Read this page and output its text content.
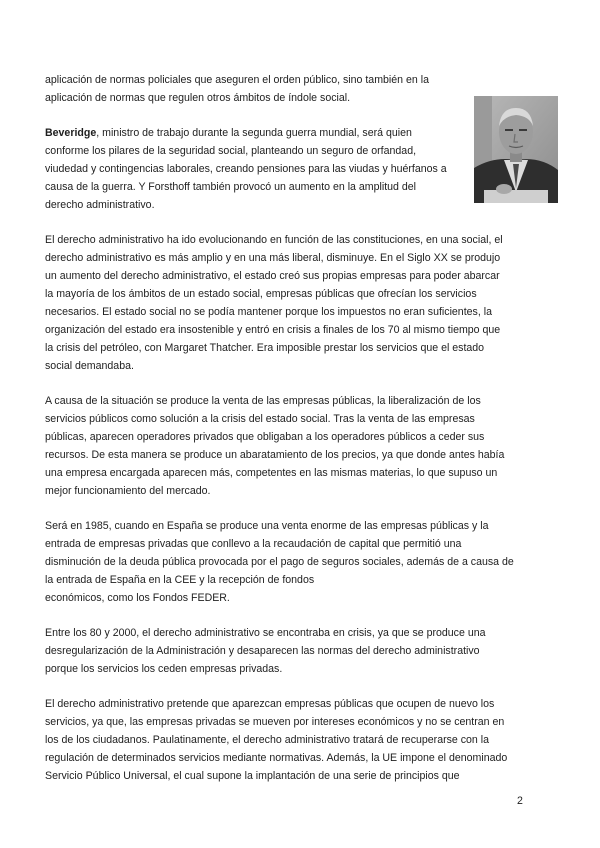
aplicación de normas policiales que aseguren el orden público, sino también en la
aplicación de normas que regulen otros ámbitos de índole social.
Beveridge, ministro de trabajo durante la segunda guerra mundial, será quien
conforme los pilares de la seguridad social, planteando un seguro de orfandad,
viudedad y contingencias laborales, creando pensiones para las viudas y huérfanos a
causa de la guerra. Y Forsthoff también provocó un aumento en la amplitud del
derecho administrativo.
El derecho administrativo ha ido evolucionando en función de las constituciones, en una social, el
derecho administrativo es más amplio y en una más liberal, disminuye. En el Siglo XX se produjo
un aumento del derecho administrativo, el estado creó sus propias empresas para poder abarcar
la mayoría de los ámbitos de un estado social, empresas públicas que ofrecían los servicios
necesarios. El estado social no se podía mantener porque los impuestos no eran suficientes, la
organización del estado era insostenible y entró en crisis a finales de los 70 al mismo tiempo que
la crisis del petróleo, con Margaret Thatcher. Era imposible prestar los servicios que el estado
social demandaba.
A causa de la situación se produce la venta de las empresas públicas, la liberalización de los
servicios públicos como solución a la crisis del estado social. Tras la venta de las empresas
públicas, aparecen operadores privados que obligaban a los operadores públicos a ceder sus
recursos. De esta manera se produce un abaratamiento de los precios, ya que donde antes había
una empresa encargada aparecen más, competentes en las mismas materias, lo que supuso un
mejor funcionamiento del mercado.
Será en 1985, cuando en España se produce una venta enorme de las empresas públicas y la
entrada de empresas privadas que conllevo a la recaudación de capital que permitió una
disminución de la deuda pública provocada por el pago de seguros sociales, además de a causa de
la entrada de España en la CEE y la recepción de fondos
económicos, como los Fondos FEDER.
Entre los 80 y 2000, el derecho administrativo se encontraba en crisis, ya que se produce una
desregularización de la Administración y desaparecen las normas del derecho administrativo
porque los servicios los ceden empresas privadas.
El derecho administrativo pretende que aparezcan empresas públicas que ocupen de nuevo los
servicios, ya que, las empresas privadas se mueven por intereses económicos y no se centran en
los de los ciudadanos. Paulatinamente, el derecho administrativo tratará de recuperarse con la
regulación de determinados servicios mediante normativas. Además, la UE impone el denominado
Servicio Público Universal, el cual supone la implantación de una serie de principios que
2
